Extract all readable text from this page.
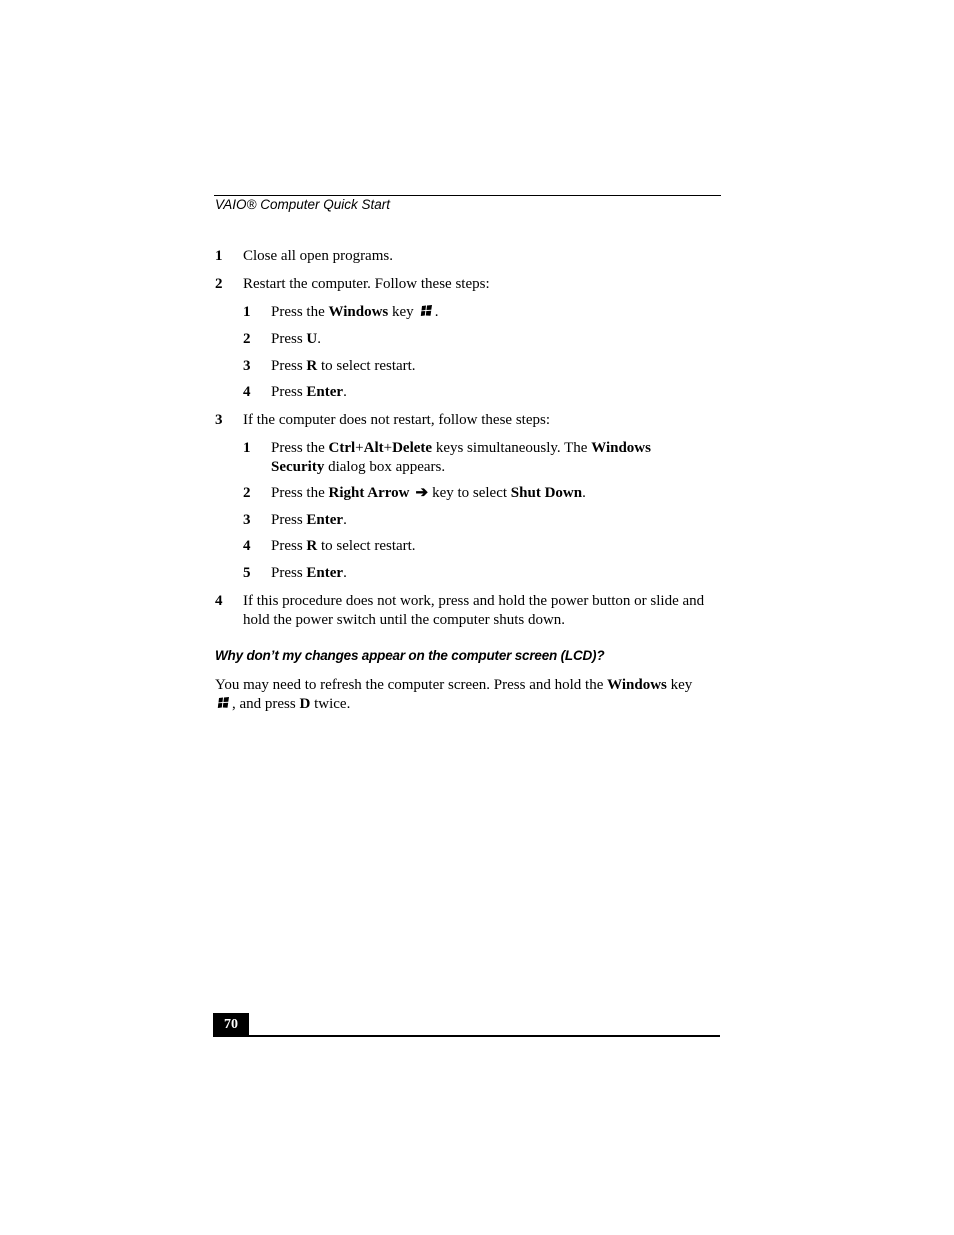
VAIO® Computer Quick Start
1 Close all open programs.
2 Restart the computer. Follow these steps:
1 Press the Windows key .
2 Press U.
3 Press R to select restart.
4 Press Enter.
3 If the computer does not restart, follow these steps:
1 Press the Ctrl+Alt+Delete keys simultaneously. The Windows
Security dialog box appears.
2 Press the Right Arrow ➔ key to select Shut Down.
3 Press Enter.
4 Press R to select restart.
5 Press Enter.
4 If this procedure does not work, press and hold the power button or slide and
hold the power switch until the computer shuts down.
Why don’t my changes appear on the computer screen (LCD)?
You may need to refresh the computer screen. Press and hold the Windows key
, and press D twice.
70
